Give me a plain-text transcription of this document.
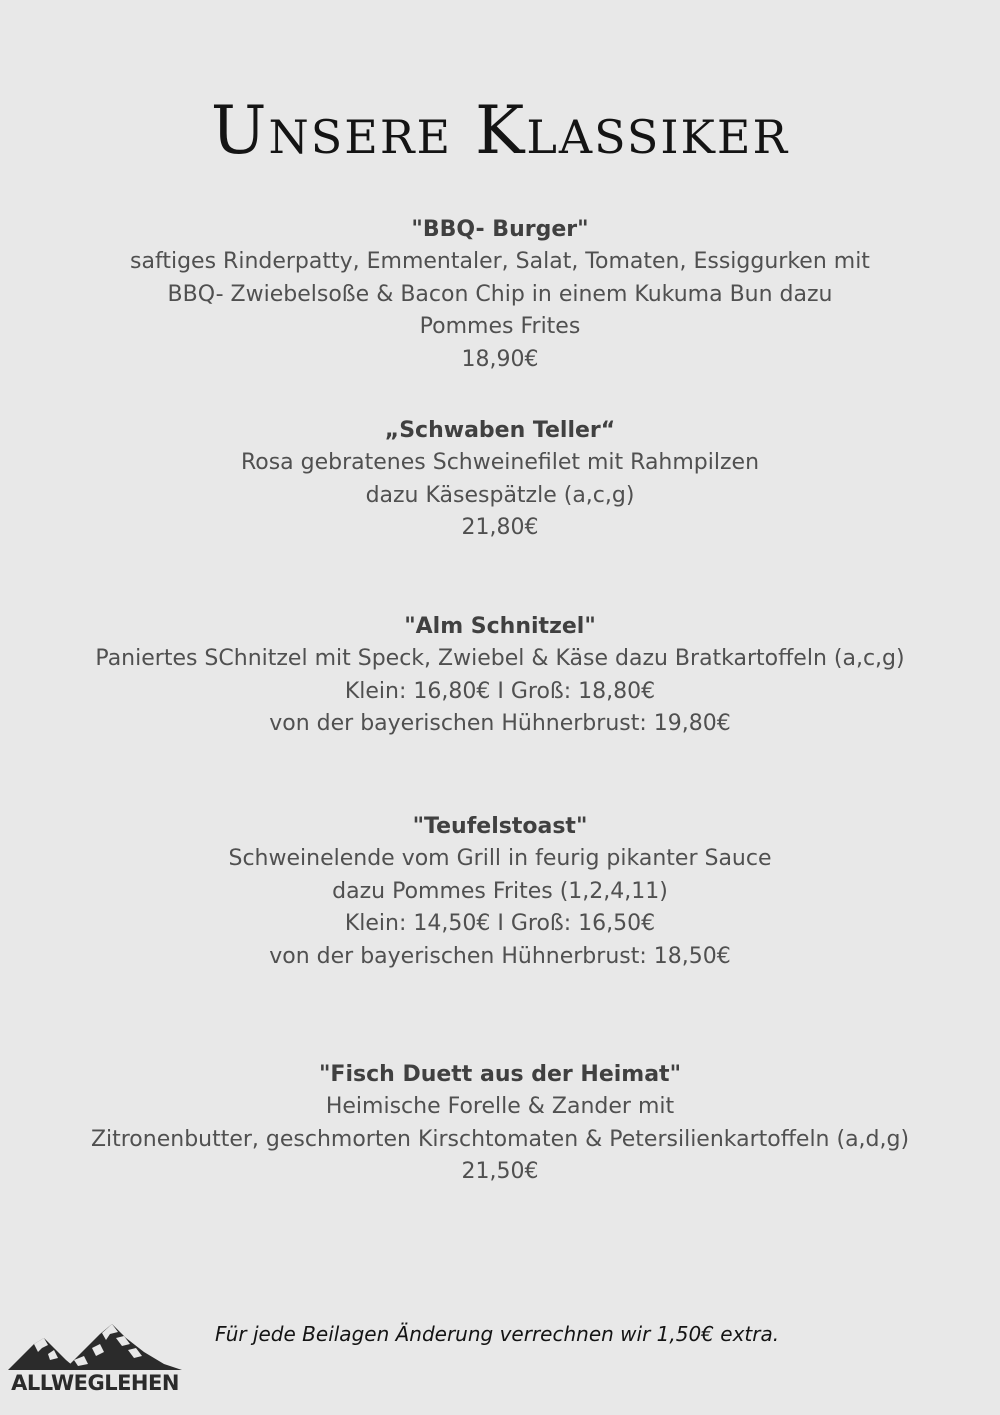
Unsere Klassiker
"BBQ- Burger"
saftiges Rinderpatty, Emmentaler, Salat, Tomaten, Essiggurken mit
BBQ- Zwiebelsoße & Bacon Chip in einem Kukuma Bun dazu
Pommes Frites
18,90€
„Schwaben Teller“
Rosa gebratenes Schweinefilet mit Rahmpilzen
dazu Käsespätzle (a,c,g)
21,80€
"Alm Schnitzel"
Paniertes SChnitzel mit Speck, Zwiebel & Käse dazu Bratkartoffeln (a,c,g)
Klein: 16,80€ I Groß: 18,80€
von der bayerischen Hühnerbrust: 19,80€
"Teufelstoast"
Schweinelende vom Grill in feurig pikanter Sauce
dazu Pommes Frites (1,2,4,11)
Klein: 14,50€ I Groß: 16,50€
von der bayerischen Hühnerbrust: 18,50€
"Fisch Duett aus der Heimat"
Heimische Forelle & Zander mit
Zitronenbutter, geschmorten Kirschtomaten & Petersilienkartoffeln (a,d,g)
21,50€
ALLWEGLEHEN
Für jede Beilagen Änderung verrechnen wir 1,50€ extra.
